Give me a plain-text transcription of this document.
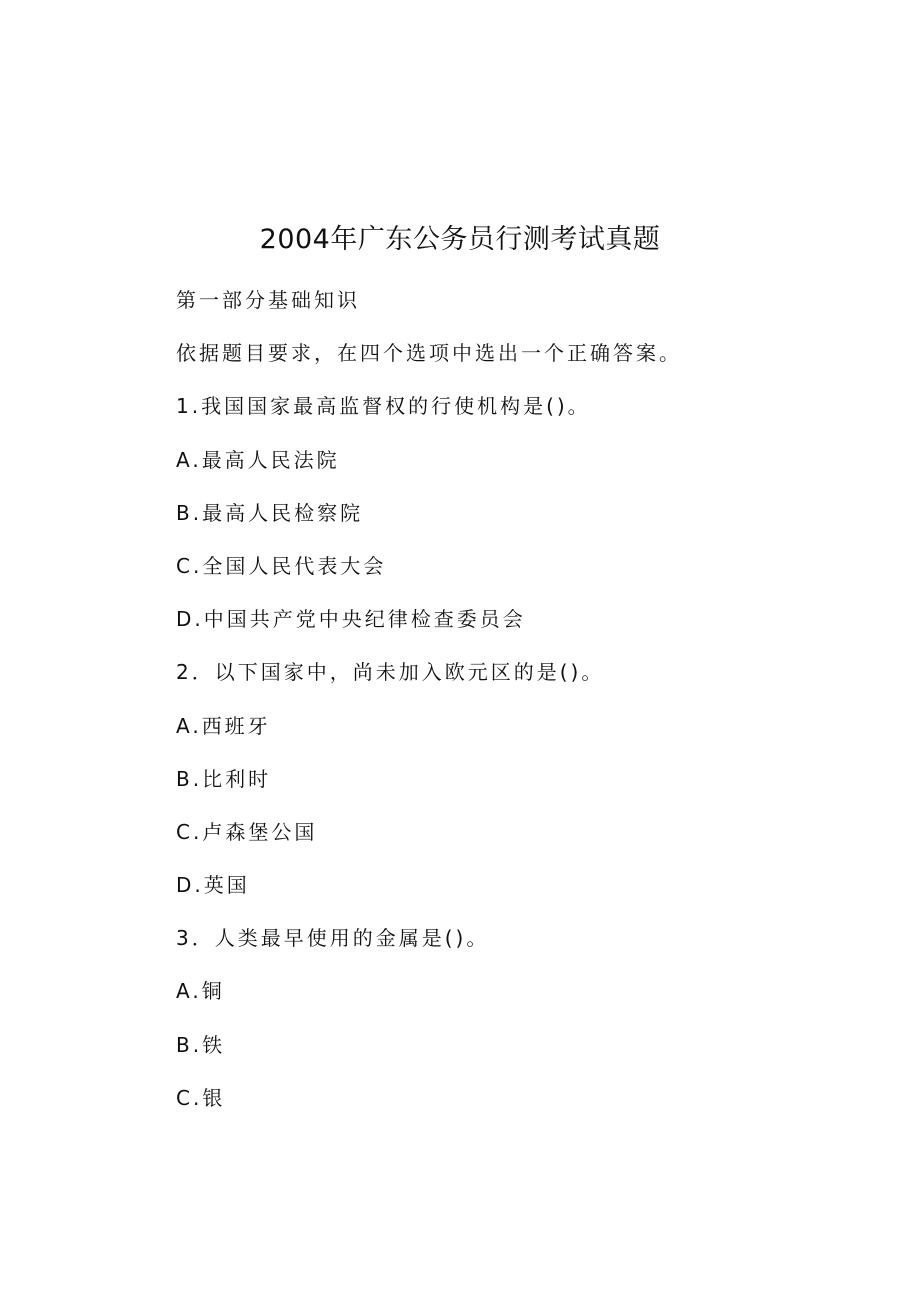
2004年广东公务员行测考试真题
第一部分基础知识
依据题目要求，在四个选项中选出一个正确答案。
1.我国国家最高监督权的行使机构是()。
A.最高人民法院
B.最高人民检察院
C.全国人民代表大会
D.中国共产党中央纪律检查委员会
2．以下国家中，尚未加入欧元区的是()。
A.西班牙
B.比利时
C.卢森堡公国
D.英国
3．人类最早使用的金属是()。
A.铜
B.铁
C.银
